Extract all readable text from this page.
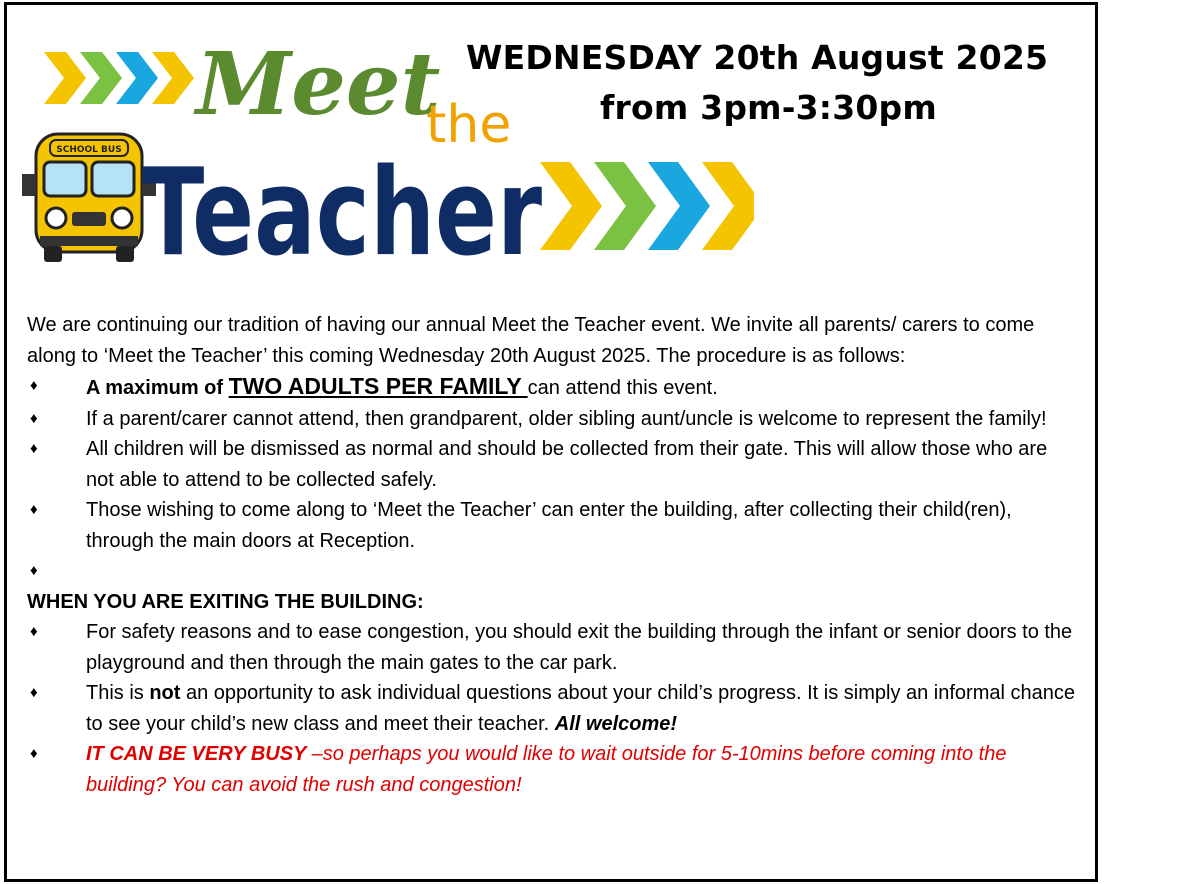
SCHOOL BUS
Meet
the
Teacher
WEDNESDAY 20th August 2025
from 3pm-3:30pm

We are continuing our tradition of having our annual Meet the Teacher event. We invite all parents/ carers to come along to ‘Meet the Teacher’ this coming Wednesday 20th August 2025. The procedure is as follows:

♦ A maximum of TWO ADULTS PER FAMILY can attend this event.
♦ If a parent/carer cannot attend, then grandparent, older sibling aunt/uncle is welcome to represent the family!
♦ All children will be dismissed as normal and should be collected from their gate. This will allow those who are not able to attend to be collected safely.
♦ Those wishing to come along to ‘Meet the Teacher’ can enter the building, after collecting their child(ren), through the main doors at Reception.
♦

WHEN YOU ARE EXITING THE BUILDING:

♦ For safety reasons and to ease congestion, you should exit the building through the infant or senior doors to the playground and then through the main gates to the car park.
♦ This is not an opportunity to ask individual questions about your child’s progress. It is simply an informal chance to see your child’s new class and meet their teacher. All welcome!
♦ IT CAN BE VERY BUSY –so perhaps you would like to wait outside for 5-10mins before coming into the building? You can avoid the rush and congestion!
